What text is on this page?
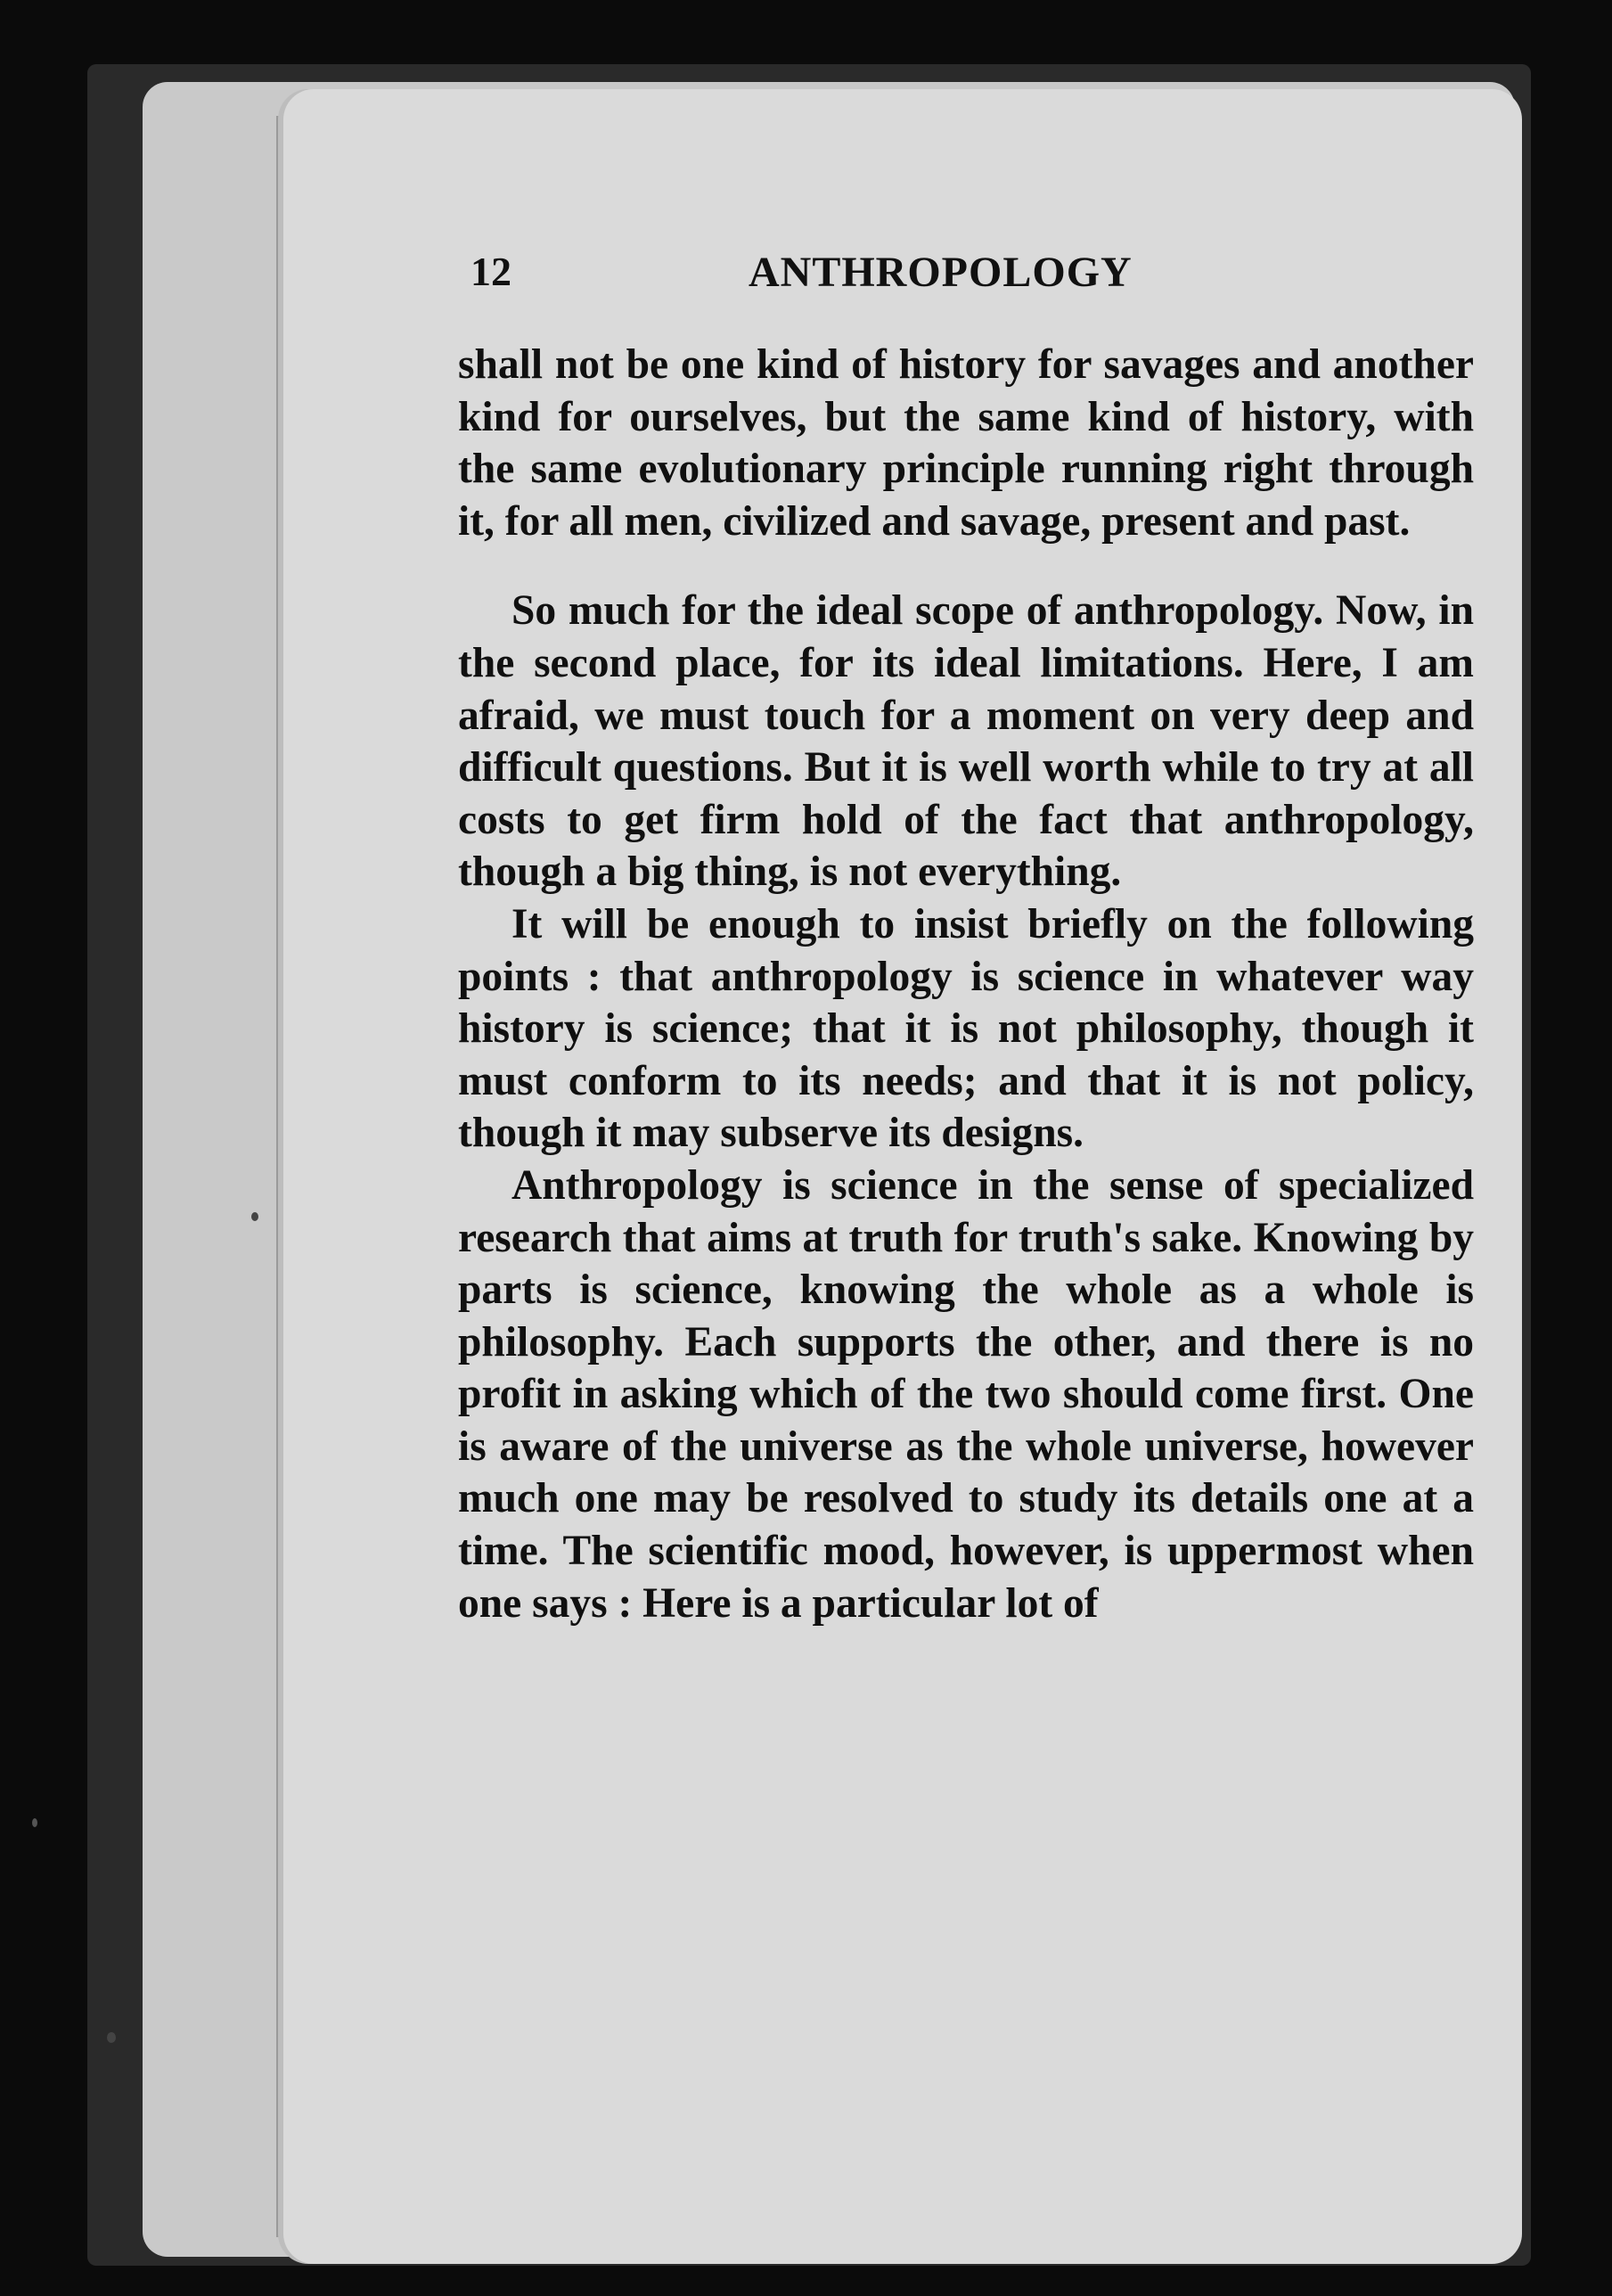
12	ANTHROPOLOGY

shall not be one kind of history for savages and another kind for ourselves, but the same kind of history, with the same evolutionary principle running right through it, for all men, civilized and savage, present and past.

So much for the ideal scope of anthropology. Now, in the second place, for its ideal limitations. Here, I am afraid, we must touch for a moment on very deep and difficult questions. But it is well worth while to try at all costs to get firm hold of the fact that anthropology, though a big thing, is not everything.

It will be enough to insist briefly on the following points : that anthropology is science in whatever way history is science; that it is not philosophy, though it must conform to its needs; and that it is not policy, though it may subserve its designs.

Anthropology is science in the sense of specialized research that aims at truth for truth's sake. Knowing by parts is science, knowing the whole as a whole is philosophy. Each supports the other, and there is no profit in asking which of the two should come first. One is aware of the universe as the whole universe, however much one may be resolved to study its details one at a time. The scientific mood, however, is uppermost when one says : Here is a particular lot of
